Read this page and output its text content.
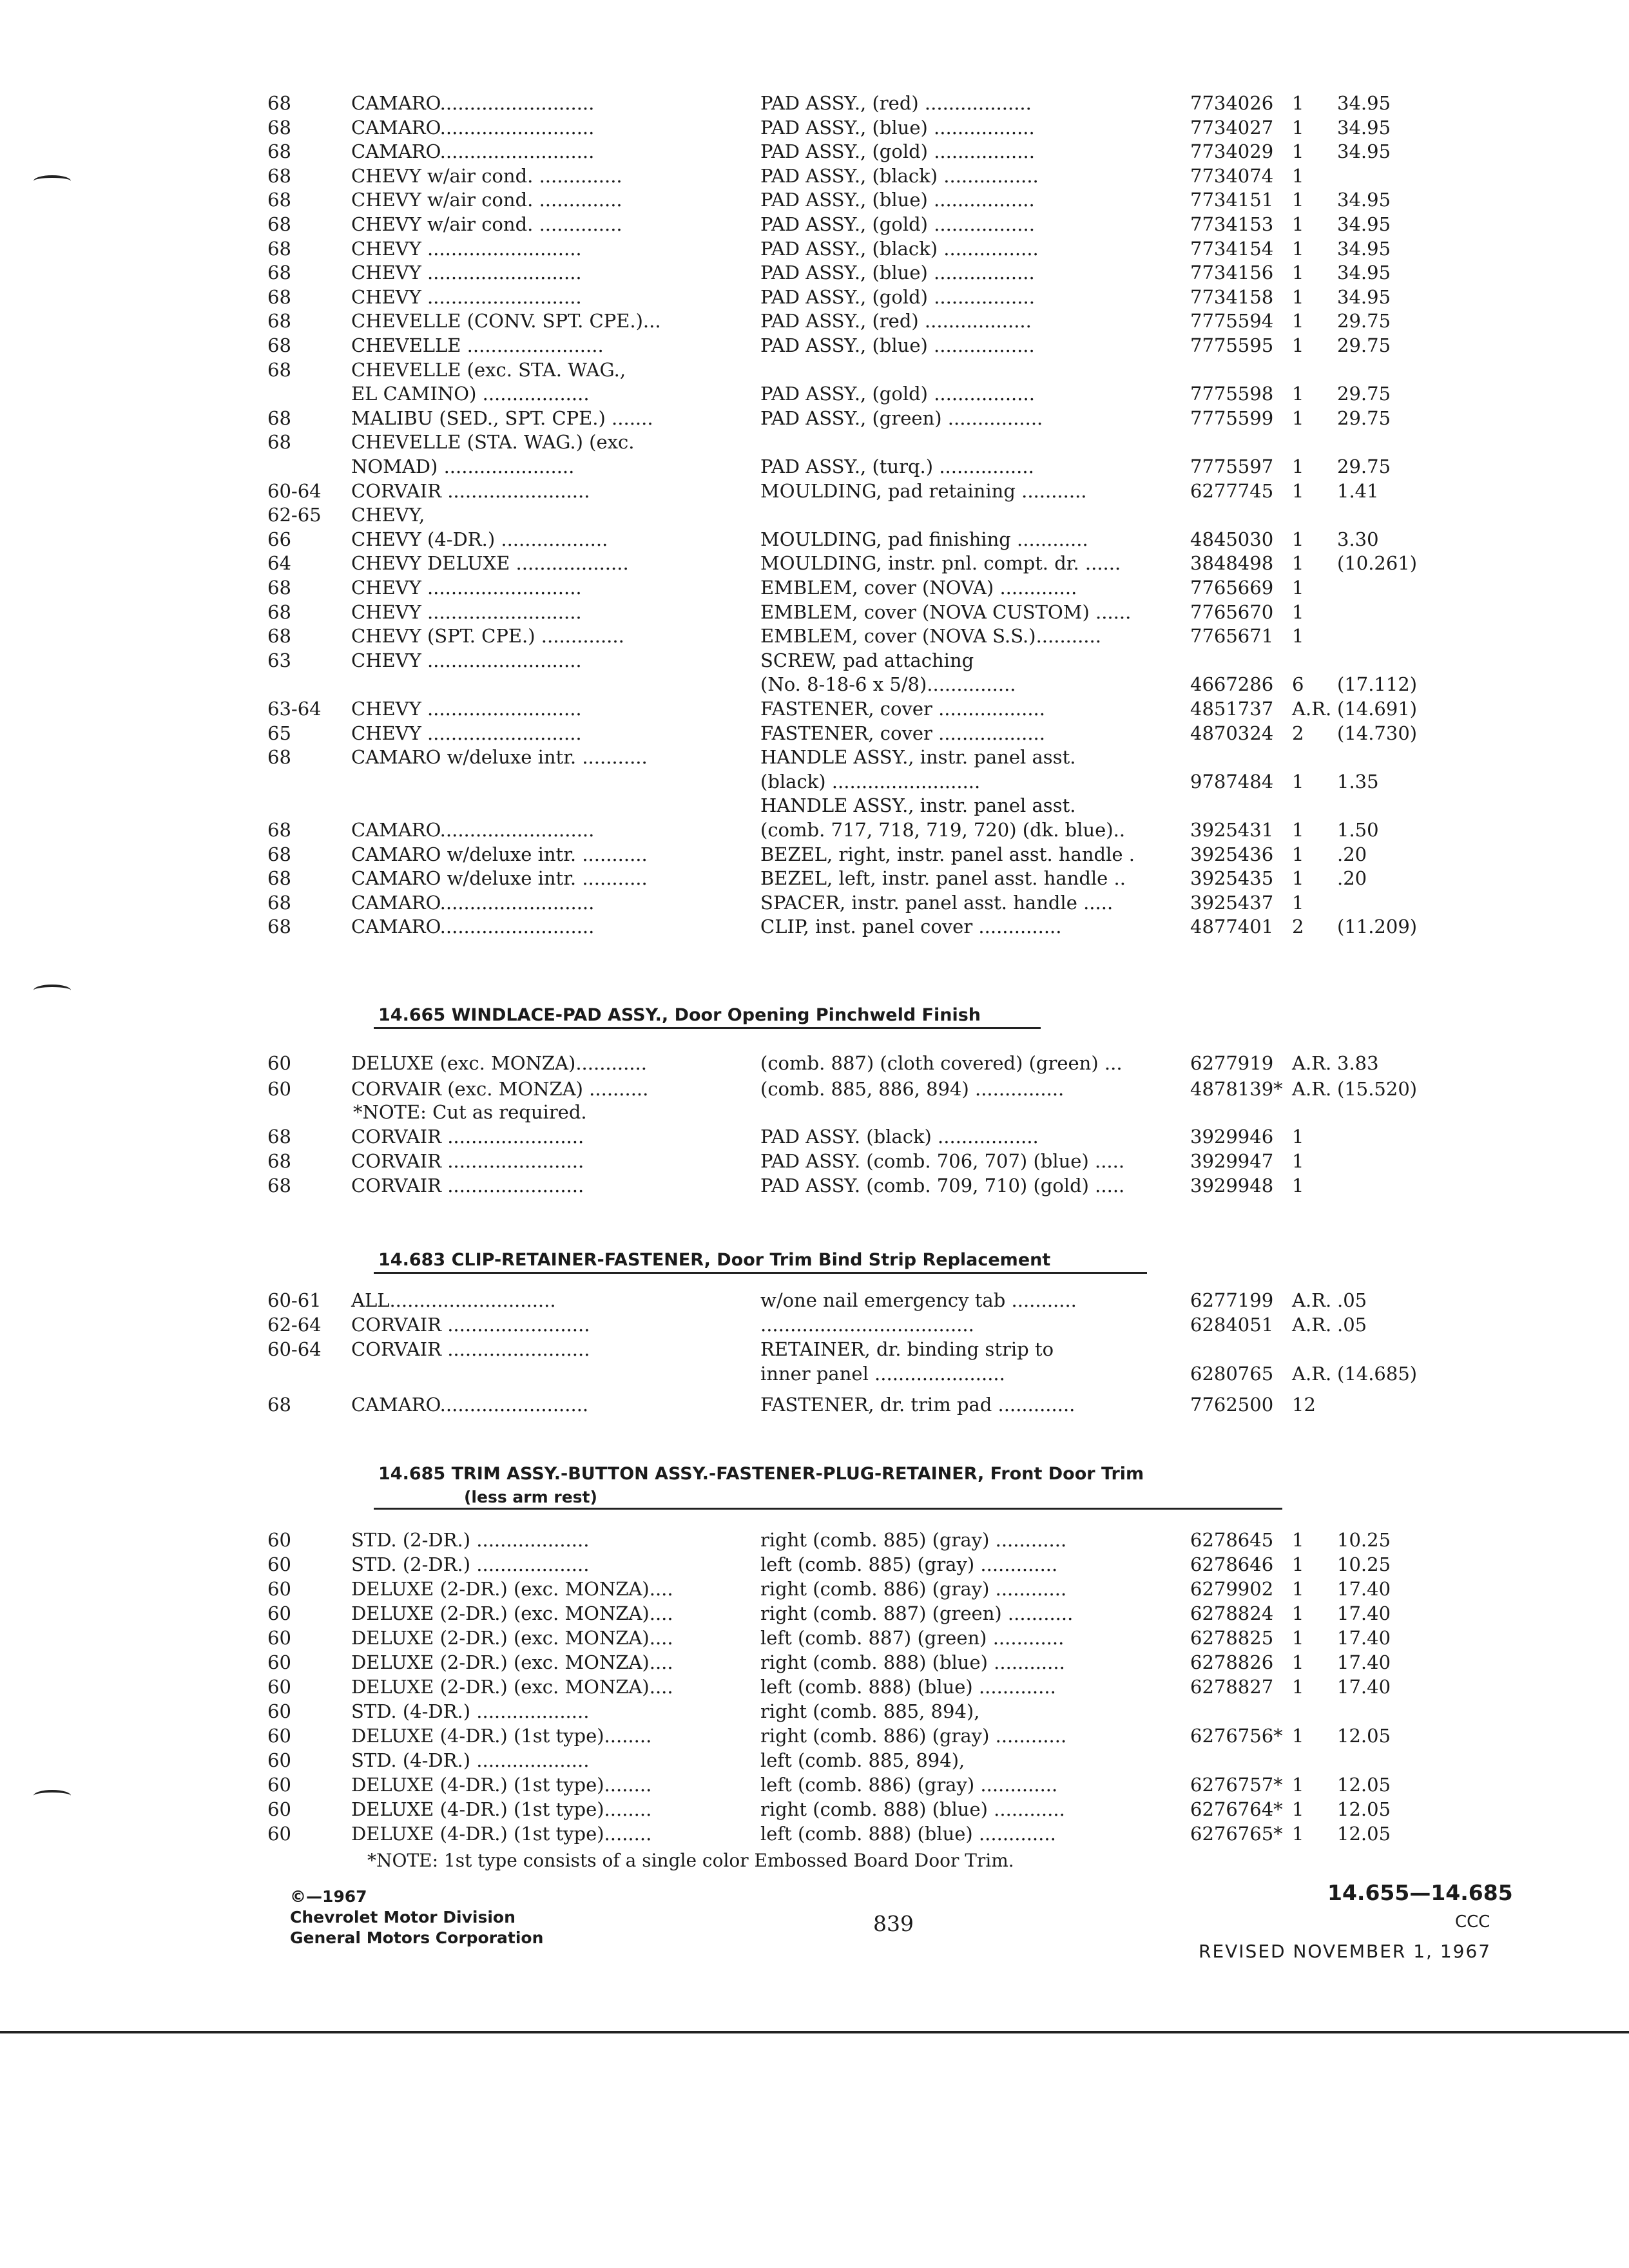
68	CAMARO..........................	PAD ASSY., (red) ..................	7734026 1 34.95
68	CAMARO..........................	PAD ASSY., (blue) .................	7734027 1 34.95
68	CAMARO..........................	PAD ASSY., (gold) .................	7734029 1 34.95
68	CHEVY w/air cond. ..............	PAD ASSY., (black) ................	7734074 1
68	CHEVY w/air cond. ..............	PAD ASSY., (blue) .................	7734151 1 34.95
68	CHEVY w/air cond. ..............	PAD ASSY., (gold) .................	7734153 1 34.95
68	CHEVY ..........................	PAD ASSY., (black) ................	7734154 1 34.95
68	CHEVY ..........................	PAD ASSY., (blue) .................	7734156 1 34.95
68	CHEVY ..........................	PAD ASSY., (gold) .................	7734158 1 34.95
68	CHEVELLE (CONV. SPT. CPE.)...	PAD ASSY., (red) ..................	7775594 1 29.75
68	CHEVELLE .......................	PAD ASSY., (blue) .................	7775595 1 29.75
68	CHEVELLE (exc. STA. WAG.,
EL CAMINO) ..................	PAD ASSY., (gold) .................	7775598 1 29.75
68	MALIBU (SED., SPT. CPE.) .......	PAD ASSY., (green) ................	7775599 1 29.75
68	CHEVELLE (STA. WAG.) (exc.
NOMAD) ......................	PAD ASSY., (turq.) ................	7775597 1 29.75
60-64 CORVAIR ........................	MOULDING, pad retaining ...........	6277745 1 1.41
62-65 CHEVY,
66	CHEVY (4-DR.) ..................	MOULDING, pad finishing ............	4845030 1 3.30
64	CHEVY DELUXE ...................	MOULDING, instr. pnl. compt. dr. ......	3848498 1 (10.261)
68	CHEVY ..........................	EMBLEM, cover (NOVA) .............	7765669 1
68	CHEVY ..........................	EMBLEM, cover (NOVA CUSTOM) ......	7765670 1
68	CHEVY (SPT. CPE.) ..............	EMBLEM, cover (NOVA S.S.)...........	7765671 1
63	CHEVY ..........................	SCREW, pad attaching
(No. 8-18-6 x 5/8)...............	4667286 6 (17.112)
63-64 CHEVY ..........................	FASTENER, cover ..................	4851737 A.R. (14.691)
65	CHEVY ..........................	FASTENER, cover ..................	4870324 2 (14.730)
68	CAMARO w/deluxe intr. ...........	HANDLE ASSY., instr. panel asst.
(black) .........................	9787484 1 1.35
HANDLE ASSY., instr. panel asst.
68	CAMARO..........................	(comb. 717, 718, 719, 720) (dk. blue)..	3925431 1 1.50
68	CAMARO w/deluxe intr. ...........	BEZEL, right, instr. panel asst. handle .	3925436 1 .20
68	CAMARO w/deluxe intr. ...........	BEZEL, left, instr. panel asst. handle ..	3925435 1 .20
68	CAMARO..........................	SPACER, instr. panel asst. handle .....	3925437 1
68	CAMARO..........................	CLIP, inst. panel cover ..............	4877401 2 (11.209)
14.665 WINDLACE-PAD ASSY., Door Opening Pinchweld Finish
60	DELUXE (exc. MONZA)............	(comb. 887) (cloth covered) (green) ...	6277919 A.R. 3.83
60	CORVAIR (exc. MONZA) ..........	(comb. 885, 886, 894) ...............	4878139* A.R. (15.520)
68	CORVAIR .......................	PAD ASSY. (black) .................	3929946 1
68	CORVAIR .......................	PAD ASSY. (comb. 706, 707) (blue) .....	3929947 1
68	CORVAIR .......................	PAD ASSY. (comb. 709, 710) (gold) .....	3929948 1
*NOTE: Cut as required.
14.683 CLIP-RETAINER-FASTENER, Door Trim Bind Strip Replacement
60-61 ALL............................	w/one nail emergency tab ...........	6277199 A.R. .05
62-64 CORVAIR ........................	....................................	6284051 A.R. .05
60-64 CORVAIR ........................	RETAINER, dr. binding strip to
inner panel ......................	6280765 A.R. (14.685)
68	CAMARO.........................	FASTENER, dr. trim pad .............	7762500 12
14.685 TRIM ASSY.-BUTTON ASSY.-FASTENER-PLUG-RETAINER, Front Door Trim
(less arm rest)
60	STD. (2-DR.) ...................	right (comb. 885) (gray) ............	6278645 1 10.25
60	STD. (2-DR.) ...................	left (comb. 885) (gray) .............	6278646 1 10.25
60	DELUXE (2-DR.) (exc. MONZA)....	right (comb. 886) (gray) ............	6279902 1 17.40
60	DELUXE (2-DR.) (exc. MONZA)....	right (comb. 887) (green) ...........	6278824 1 17.40
60	DELUXE (2-DR.) (exc. MONZA)....	left (comb. 887) (green) ............	6278825 1 17.40
60	DELUXE (2-DR.) (exc. MONZA)....	right (comb. 888) (blue) ............	6278826 1 17.40
60	DELUXE (2-DR.) (exc. MONZA)....	left (comb. 888) (blue) .............	6278827 1 17.40
60	STD. (4-DR.) ...................	right (comb. 885, 894),
60	DELUXE (4-DR.) (1st type)........	right (comb. 886) (gray) ............	6276756* 1 12.05
60	STD. (4-DR.) ...................	left (comb. 885, 894),
60	DELUXE (4-DR.) (1st type)........	left (comb. 886) (gray) .............	6276757* 1 12.05
60	DELUXE (4-DR.) (1st type)........	right (comb. 888) (blue) ............	6276764* 1 12.05
60	DELUXE (4-DR.) (1st type)........	left (comb. 888) (blue) .............	6276765* 1 12.05
*NOTE: 1st type consists of a single color Embossed Board Door Trim.
©—1967
Chevrolet Motor Division
General Motors Corporation
839
14.655—14.685
CCC
REVISED NOVEMBER 1, 1967
